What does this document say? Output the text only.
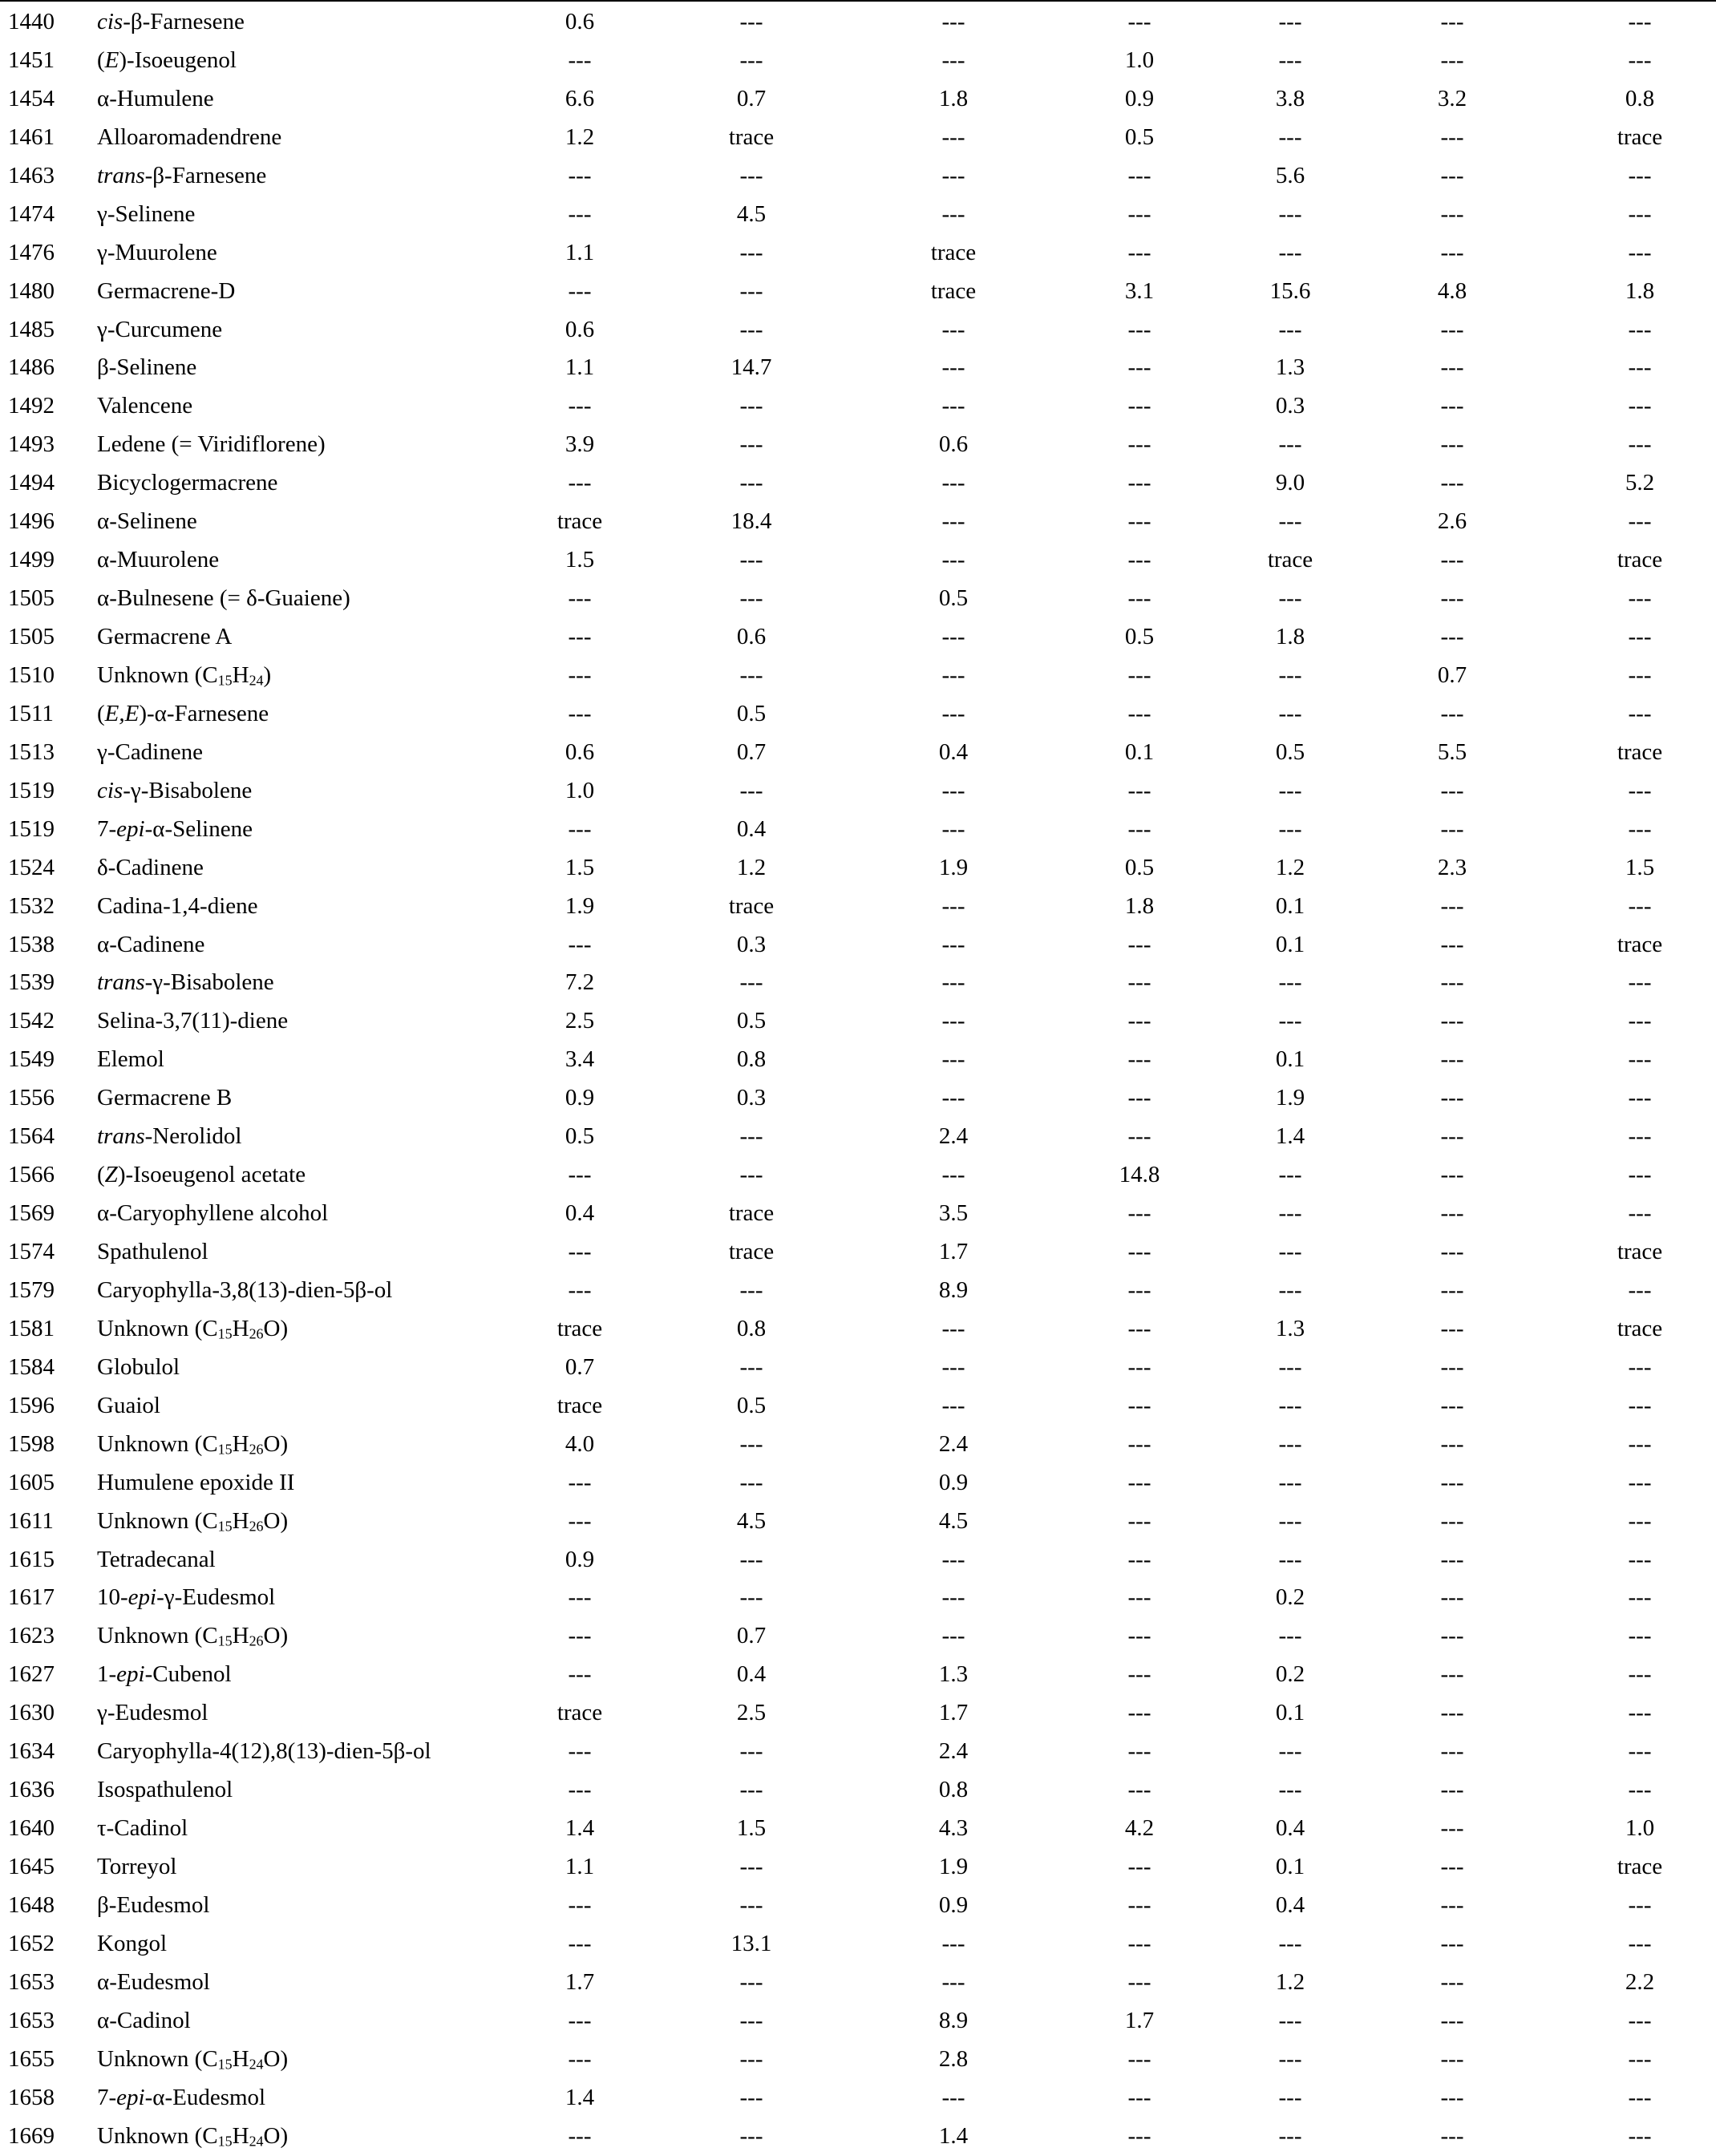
1440 cis-β-Farnesene	0.6	---	---	---	---	---	---
1451 (E)-Isoeugenol	---	---	---	1.0	---	---	---
1454 α-Humulene	6.6	0.7	1.8	0.9	3.8	3.2	0.8
1461 Alloaromadendrene	1.2	trace	---	0.5	---	---	trace
1463 trans-β-Farnesene	---	---	---	---	5.6	---	---
1474 γ-Selinene	---	4.5	---	---	---	---	---
1476 γ-Muurolene	1.1	---	trace	---	---	---	---
1480 Germacrene-D	---	---	trace	3.1	15.6	4.8	1.8
1485 γ-Curcumene	0.6	---	---	---	---	---	---
1486 β-Selinene	1.1	14.7	---	---	1.3	---	---
1492 Valencene	---	---	---	---	0.3	---	---
1493 Ledene (= Viridiflorene)	3.9	---	0.6	---	---	---	---
1494 Bicyclogermacrene	---	---	---	---	9.0	---	5.2
1496 α-Selinene	trace	18.4	---	---	---	2.6	---
1499 α-Muurolene	1.5	---	---	---	trace	---	trace
1505 α-Bulnesene (= δ-Guaiene)	---	---	0.5	---	---	---	---
1505 Germacrene A	---	0.6	---	0.5	1.8	---	---
1510 Unknown $(C_{15}H_{24})$	---	---	---	---	---	0.7	---
1511 (E,E)-α-Farnesene	---	0.5	---	---	---	---	---
1513 γ-Cadinene	0.6	0.7	0.4	0.1	0.5	5.5	trace
1519 cis-γ-Bisabolene	1.0	---	---	---	---	---	---
1519 7-epi-α-Selinene	---	0.4	---	---	---	---	---
1524 δ-Cadinene	1.5	1.2	1.9	0.5	1.2	2.3	1.5
1532 Cadina-1,4-diene	1.9	trace	---	1.8	0.1	---	---
1538 α-Cadinene	---	0.3	---	---	0.1	---	trace
1539 trans-γ-Bisabolene	7.2	---	---	---	---	---	---
1542 Selina-3,7(11)-diene	2.5	0.5	---	---	---	---	---
1549 Elemol	3.4	0.8	---	---	0.1	---	---
1556 Germacrene B	0.9	0.3	---	---	1.9	---	---
1564 trans-Nerolidol	0.5	---	2.4	---	1.4	---	---
1566 (Z)-Isoeugenol acetate	---	---	---	14.8	---	---	---
1569 α-Caryophyllene alcohol	0.4	trace	3.5	---	---	---	---
1574 Spathulenol	---	trace	1.7	---	---	---	trace
1579 Caryophylla-3,8(13)-dien-5β-ol	---	---	8.9	---	---	---	---
1581 Unknown $(C_{15}H_{26}O)$	trace	0.8	---	---	1.3	---	trace
1584 Globulol	0.7	---	---	---	---	---	---
1596 Guaiol	trace	0.5	---	---	---	---	---
1598 Unknown $(C_{15}H_{26}O)$	4.0	---	2.4	---	---	---	---
1605 Humulene epoxide II	---	---	0.9	---	---	---	---
1611 Unknown $(C_{15}H_{26}O)$	---	4.5	4.5	---	---	---	---
1615 Tetradecanal	0.9	---	---	---	---	---	---
1617 10-epi-γ-Eudesmol	---	---	---	---	0.2	---	---
1623 Unknown $(C_{15}H_{26}O)$	---	0.7	---	---	---	---	---
1627 1-epi-Cubenol	---	0.4	1.3	---	0.2	---	---
1630 γ-Eudesmol	trace	2.5	1.7	---	0.1	---	---
1634 Caryophylla-4(12),8(13)-dien-5β-ol	---	---	2.4	---	---	---	---
1636 Isospathulenol	---	---	0.8	---	---	---	---
1640 τ-Cadinol	1.4	1.5	4.3	4.2	0.4	---	1.0
1645 Torreyol	1.1	---	1.9	---	0.1	---	trace
1648 β-Eudesmol	---	---	0.9	---	0.4	---	---
1652 Kongol	---	13.1	---	---	---	---	---
1653 α-Eudesmol	1.7	---	---	---	1.2	---	2.2
1653 α-Cadinol	---	---	8.9	1.7	---	---	---
1655 Unknown $(C_{15}H_{24}O)$	---	---	2.8	---	---	---	---
1658 7-epi-α-Eudesmol	1.4	---	---	---	---	---	---
1669 Unknown $(C_{15}H_{24}O)$	---	---	1.4	---	---	---	---
